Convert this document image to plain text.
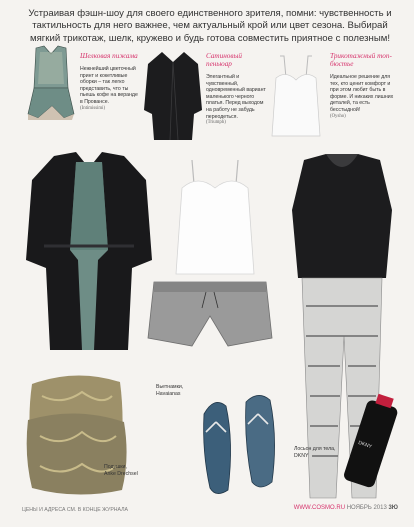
Устраивая фэшн-шоу для своего единственного зрителя, помни: чувственность и тактильность для него важнее, чем актуальный крой или цвет сезона. Выбирай мягкий трикотаж, шелк, кружево и будь готова совместить приятное с полезным!

Шелковая пижама
Нежнейший цветочный принт и кокетливые оборки – так легко представить, что ты пьешь кофе на веранде в Провансе.
(Intimissimi)
Сатиновый пеньюар
Элегантный и чувственный, одновременный вариант маленького черного платья. Перед выходом на работу не забудь переодеться.
(Triumph)
Трикотажный топ-бюстье
Идеальное решение для тех, кто ценит комфорт и при этом любит быть в форме. И никаких лишних деталей, та есть бесстыдной!
(Oysho)
Подушки,
Anke Drechsel
Вьетнамки,
Havaianas
Лосьон для тела,
DKNY
DKNY
ЦЕНЫ И АДРЕСА СМ. В КОНЦЕ ЖУРНАЛА	WWW.COSMO.RU НОЯБРЬ 2013 3Ю
